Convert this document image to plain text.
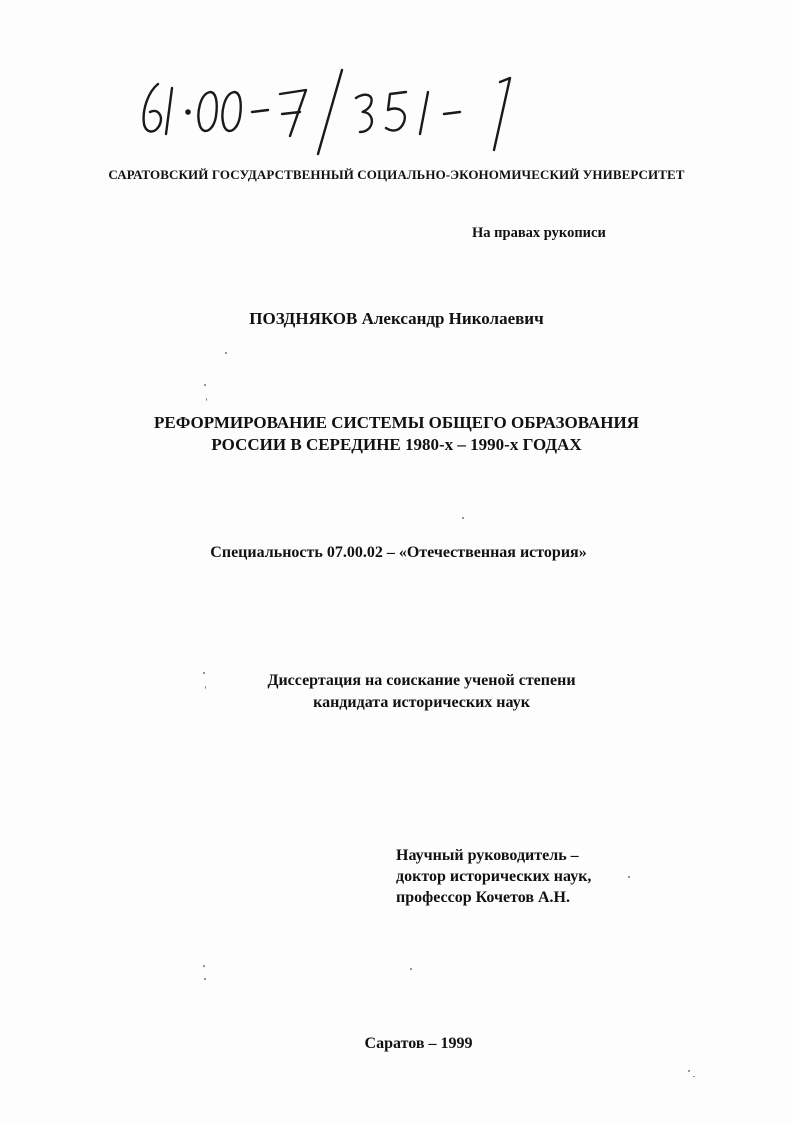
САРАТОВСКИЙ ГОСУДАРСТВЕННЫЙ СОЦИАЛЬНО-ЭКОНОМИЧЕСКИЙ УНИВЕРСИТЕТ
На правах рукописи
ПОЗДНЯКОВ Александр Николаевич
РЕФОРМИРОВАНИЕ СИСТЕМЫ ОБЩЕГО ОБРАЗОВАНИЯ
РОССИИ В СЕРЕДИНЕ 1980-х – 1990-х ГОДАХ
Специальность 07.00.02 – «Отечественная история»
Диссертация на соискание ученой степени
кандидата исторических наук
Научный руководитель –
доктор исторических наук,
профессор Кочетов А.Н.
Саратов – 1999
